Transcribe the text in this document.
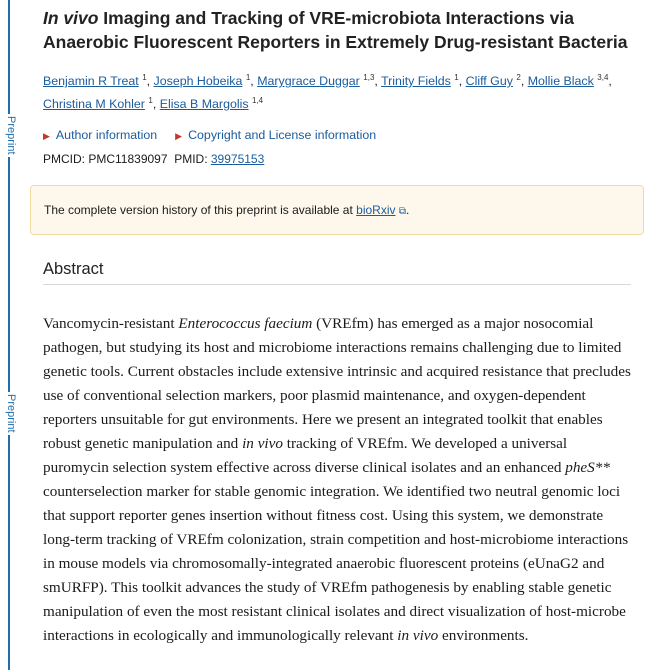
Preprint
Preprint
In vivo Imaging and Tracking of VRE-microbiota Interactions via Anaerobic Fluorescent Reporters in Extremely Drug-resistant Bacteria
Benjamin R Treat $^1$, Joseph Hobeika $^1$, Marygrace Duggar $^{1,3}$, Trinity Fields $^1$, Cliff Guy $^2$, Mollie Black $^{3,4}$, Christina M Kohler $^1$, Elisa B Margolis $^{1,4}$
▶ Author information ▶ Copyright and License information
PMCID: PMC11839097 PMID: 39975153
The complete version history of this preprint is available at bioRxiv ⧉.
Abstract

Vancomycin-resistant Enterococcus faecium (VREfm) has emerged as a major nosocomial pathogen, but studying its host and microbiome interactions remains challenging due to limited genetic tools. Current obstacles include extensive intrinsic and acquired resistance that precludes use of conventional selection markers, poor plasmid maintenance, and oxygen-dependent reporters unsuitable for gut environments. Here we present an integrated toolkit that enables robust genetic manipulation and in vivo tracking of VREfm. We developed a universal puromycin selection system effective across diverse clinical isolates and an enhanced pheS** counterselection marker for stable genomic integration. We identified two neutral genomic loci that support reporter genes insertion without fitness cost. Using this system, we demonstrate long-term tracking of VREfm colonization, strain competition and host-microbiome interactions in mouse models via chromosomally-integrated anaerobic fluorescent proteins (eUnaG2 and smURFP). This toolkit advances the study of VREfm pathogenesis by enabling stable genetic manipulation of even the most resistant clinical isolates and direct visualization of host-microbe interactions in ecologically and immunologically relevant in vivo environments.
